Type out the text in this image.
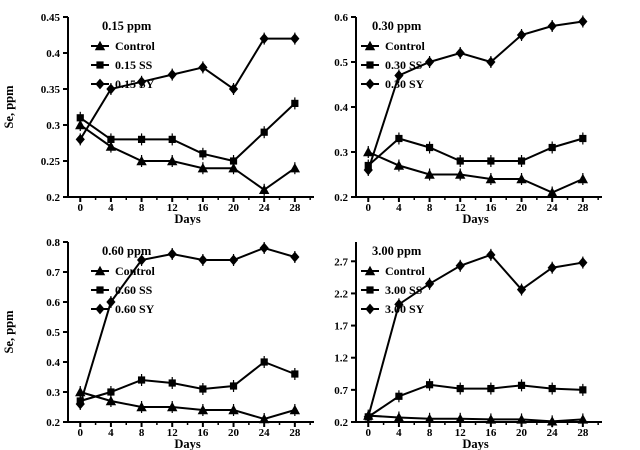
0.2
0.25
0.3
0.35
0.4
0.45
0 4 8 12 16 20 24 28
Days
Se, ppm
0.15 ppm
Control
0.15 SS
0.15 SY
0.2
0.3
0.4
0.5
0.6
0 4 8 12 16 20 24 28
Days
0.30 ppm
Control
0.30 SS
0.30 SY
0.2
0.3
0.4
0.5
0.6
0.7
0.8
0 4 8 12 16 20 24 28
Days
Se, ppm
0.60 ppm
Control
0.60 SS
0.60 SY
0.2
0.7
1.2
1.7
2.2
2.7
0 4 8 12 16 20 24 28
Days
3.00 ppm
Control
3.00 SS
3.00 SY
